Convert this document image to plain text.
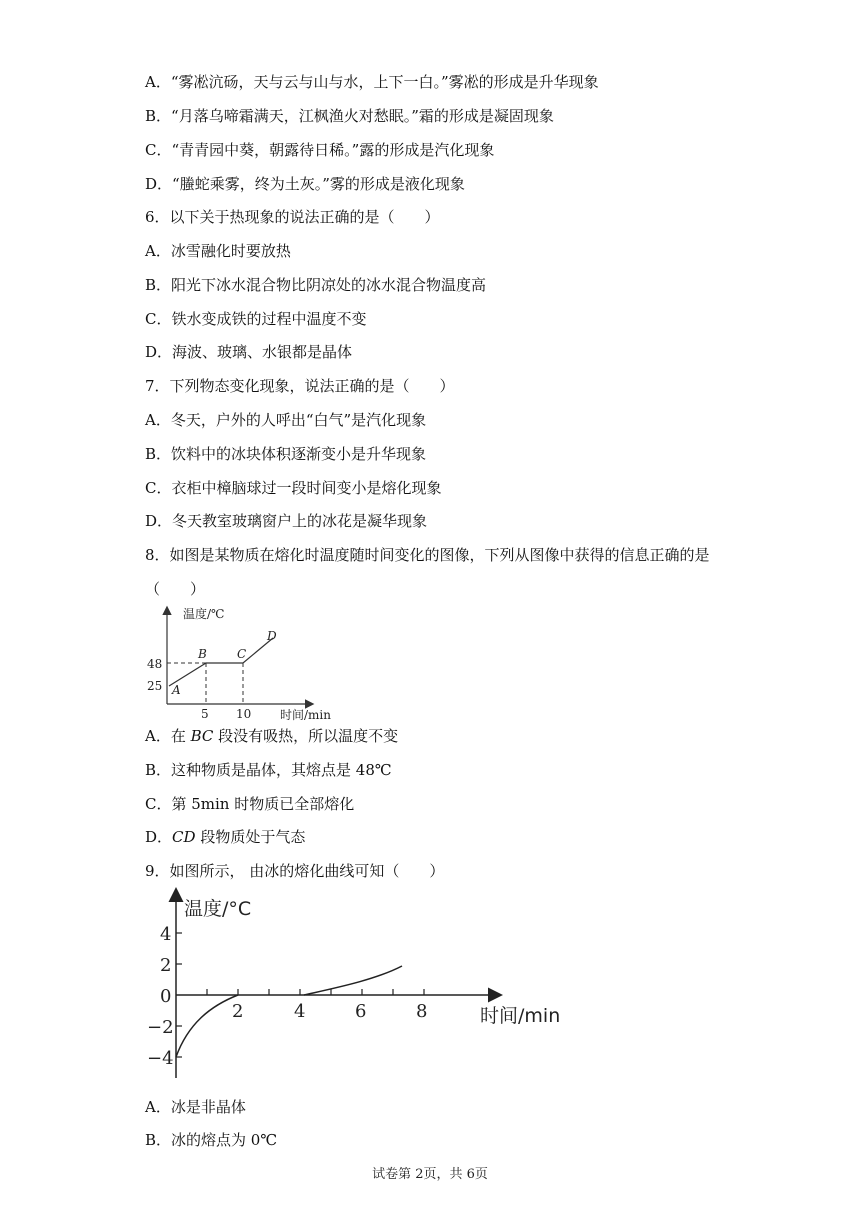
A．“雾凇沆砀，天与云与山与水，上下一白。”雾凇的形成是升华现象
B．“月落乌啼霜满天，江枫渔火对愁眠。”霜的形成是凝固现象
C．“青青园中葵，朝露待日稀。”露的形成是汽化现象
D．“螣蛇乘雾，终为土灰。”雾的形成是液化现象
6．以下关于热现象的说法正确的是（　　）
A．冰雪融化时要放热
B．阳光下冰水混合物比阴凉处的冰水混合物温度高
C．铁水变成铁的过程中温度不变
D．海波、玻璃、水银都是晶体
7．下列物态变化现象，说法正确的是（　　）
A．冬天，户外的人呼出“白气”是汽化现象
B．饮料中的冰块体积逐渐变小是升华现象
C．衣柜中樟脑球过一段时间变小是熔化现象
D．冬天教室玻璃窗户上的冰花是凝华现象
8．如图是某物质在熔化时温度随时间变化的图像，下列从图像中获得的信息正确的是
（　　）
温度/℃
时间/min
48
25
5 10
A
B	C
D
A．在 BC 段没有吸热，所以温度不变
B．这种物质是晶体，其熔点是 48℃
C．第 5min 时物质已全部熔化
D．CD 段物质处于气态
9．如图所示， 由冰的熔化曲线可知（　　）
温度/°C
时间/min
4
2
0
−2
−4
2	4	6	8
A．冰是非晶体
B．冰的熔点为 0℃
试卷第 2页，共 6页
